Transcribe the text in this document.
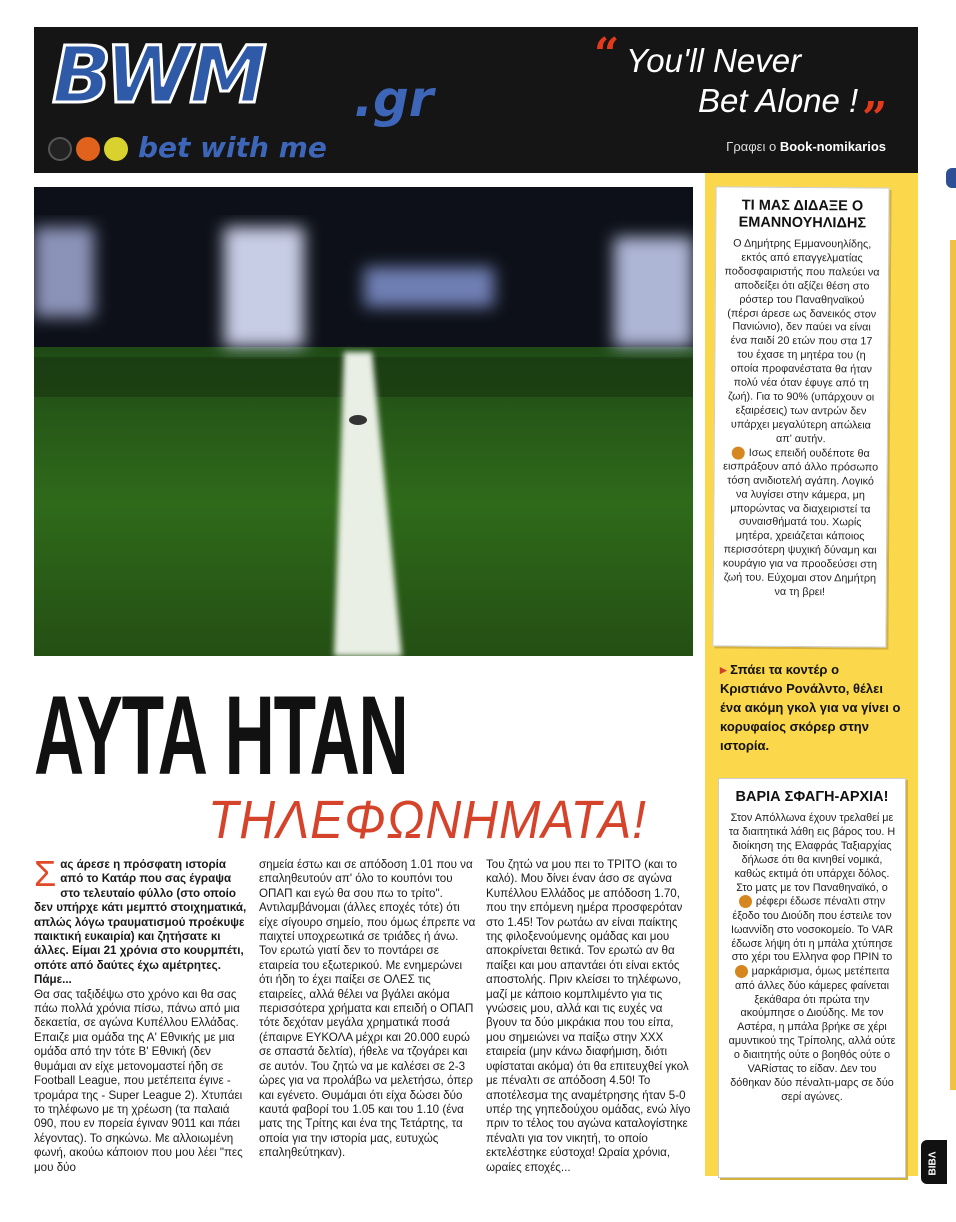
BWM .gr
bet with me
“ You'll Never
Bet Alone ! ”
Γραφει ο Book-nomikarios
ΤΙ ΜΑΣ ΔΙΔΑΞΕ Ο ΕΜΑΝΝΟΥΗΛΙΔΗΣ
Ο Δημήτρης Εμμανουηλίδης, εκτός από επαγγελματίας ποδοσφαιριστής που παλεύει να αποδείξει ότι αξίζει θέση στο ρόστερ του Παναθηναϊκού (πέρσι άρεσε ως δανεικός στον Πανιώνιο), δεν παύει να είναι ένα παιδί 20 ετών που στα 17 του έχασε τη μητέρα του (η οποία προφανέστατα θα ήταν πολύ νέα όταν έφυγε από τη ζωή). Για το 90% (υπάρχουν οι εξαιρέσεις) των αντρών δεν υπάρχει μεγαλύτερη απώλεια απ' αυτήν.
Ισως επειδή ουδέποτε θα εισπράξουν από άλλο πρόσωπο τόση ανιδιοτελή αγάπη. Λογικό να λυγίσει στην κάμερα, μη μπορώντας να διαχειριστεί τα συναισθήματά του. Χωρίς μητέρα, χρειάζεται κάποιος περισσότερη ψυχική δύναμη και κουράγιο για να προοδεύσει στη ζωή του. Εύχομαι στον Δημήτρη να τη βρει!
▸ Σπάει τα κοντέρ ο Κριστιάνο Ρονάλντο, θέλει ένα ακόμη γκολ για να γίνει ο κορυφαίος σκόρερ στην ιστορία.
ΒΑΡΙΑ ΣΦΑΓΗ-ΑΡΧΙΑ!
Στον Απόλλωνα έχουν τρελαθεί με τα διαιτητικά λάθη εις βάρος του. Η διοίκηση της Ελαφράς Ταξιαρχίας δήλωσε ότι θα κινηθεί νομικά, καθώς εκτιμά ότι υπάρχει δόλος. Στο ματς με τον Παναθηναϊκό, ο
ρέφερι έδωσε πέναλτι στην έξοδο του Διούδη που έστειλε τον Ιωαννίδη στο νοσοκομείο. Το VAR έδωσε λήψη ότι η μπάλα χτύπησε στο χέρι του Ελληνα φορ ΠΡΙΝ το
μαρκάρισμα, όμως μετέπειτα από άλλες δύο κάμερες φαίνεται ξεκάθαρα ότι πρώτα την ακούμπησε ο Διούδης. Με τον Αστέρα, η μπάλα βρήκε σε χέρι αμυντικού της Τρίπολης, αλλά ούτε ο διαιτητής ούτε ο βοηθός ούτε ο VARίστας το είδαν. Δεν του δόθηκαν δύο πέναλτι-μαρς σε δύο σερί αγώνες.
ΒΙΒΛ
ΑΥΤΑ ΗΤΑΝ
ΤΗΛΕΦΩΝΗΜΑΤΑ!
Σ ας άρεσε η πρόσφατη ιστορία από το Κατάρ που σας έγραψα στο τελευταίο φύλλο (στο οποίο δεν υπήρχε κάτι μεμπτό στοιχηματικά, απλώς λόγω τραυματισμού προέκυψε παικτική ευκαιρία) και ζητήσατε κι άλλες. Είμαι 21 χρόνια στο κουρμπέτι, οπότε από δαύτες έχω αμέτρητες. Πάμε...
Θα σας ταξιδέψω στο χρόνο και θα σας πάω πολλά χρόνια πίσω, πάνω από μια δεκαετία, σε αγώνα Κυπέλλου Ελλάδας. Επαιζε μια ομάδα της Α' Εθνικής με μια ομάδα από την τότε Β' Εθνική (δεν θυμάμαι αν είχε μετονομαστεί ήδη σε Football League, που μετέπειτα έγινε - τρομάρα της - Super League 2). Χτυπάει το τηλέφωνο με τη χρέωση (τα παλαιά 090, που εν πορεία έγιναν 9011 και πάει λέγοντας). Το σηκώνω. Με αλλοιωμένη φωνή, ακούω κάποιον που μου λέει "πες μου δύο
σημεία έστω και σε απόδοση 1.01 που να επαληθευτούν απ' όλο το κουπόνι του ΟΠΑΠ και εγώ θα σου πω το τρίτο". Αντιλαμβάνομαι (άλλες εποχές τότε) ότι είχε σίγουρο σημείο, που όμως έπρεπε να παιχτεί υποχρεωτικά σε τριάδες ή άνω. Τον ερωτώ γιατί δεν το ποντάρει σε εταιρεία του εξωτερικού. Με ενημερώνει ότι ήδη το έχει παίξει σε ΟΛΕΣ τις εταιρείες, αλλά θέλει να βγάλει ακόμα περισσότερα χρήματα και επειδή ο ΟΠΑΠ τότε δεχόταν μεγάλα χρηματικά ποσά (έπαιρνε ΕΥΚΟΛΑ μέχρι και 20.000 ευρώ σε σπαστά δελτία), ήθελε να τζογάρει και σε αυτόν. Του ζητώ να με καλέσει σε 2-3 ώρες για να προλάβω να μελετήσω, όπερ και εγένετο. Θυμάμαι ότι είχα δώσει δύο καυτά φαβορί του 1.05 και του 1.10 (ένα ματς της Τρίτης και ένα της Τετάρτης, τα οποία για την ιστορία μας, ευτυχώς επαληθεύτηκαν).
Του ζητώ να μου πει το ΤΡΙΤΟ (και το καλό). Μου δίνει έναν άσο σε αγώνα Κυπέλλου Ελλάδος με απόδοση 1.70, που την επόμενη ημέρα προσφερόταν στο 1.45! Τον ρωτάω αν είναι παίκτης της φιλοξενούμενης ομάδας και μου αποκρίνεται θετικά. Τον ερωτώ αν θα παίξει και μου απαντάει ότι είναι εκτός αποστολής. Πριν κλείσει το τηλέφωνο, μαζί με κάποιο κομπλιμέντο για τις γνώσεις μου, αλλά και τις ευχές να βγουν τα δύο μικράκια που του είπα, μου σημειώνει να παίξω στην ΧΧΧ εταιρεία (μην κάνω διαφήμιση, διότι υφίσταται ακόμα) ότι θα επιτευχθεί γκολ με πέναλτι σε απόδοση 4.50! Το αποτέλεσμα της αναμέτρησης ήταν 5-0 υπέρ της γηπεδούχου ομάδας, ενώ λίγο πριν το τέλος του αγώνα καταλογίστηκε πέναλτι για τον νικητή, το οποίο εκτελέστηκε εύστοχα! Ωραία χρόνια, ωραίες εποχές...
